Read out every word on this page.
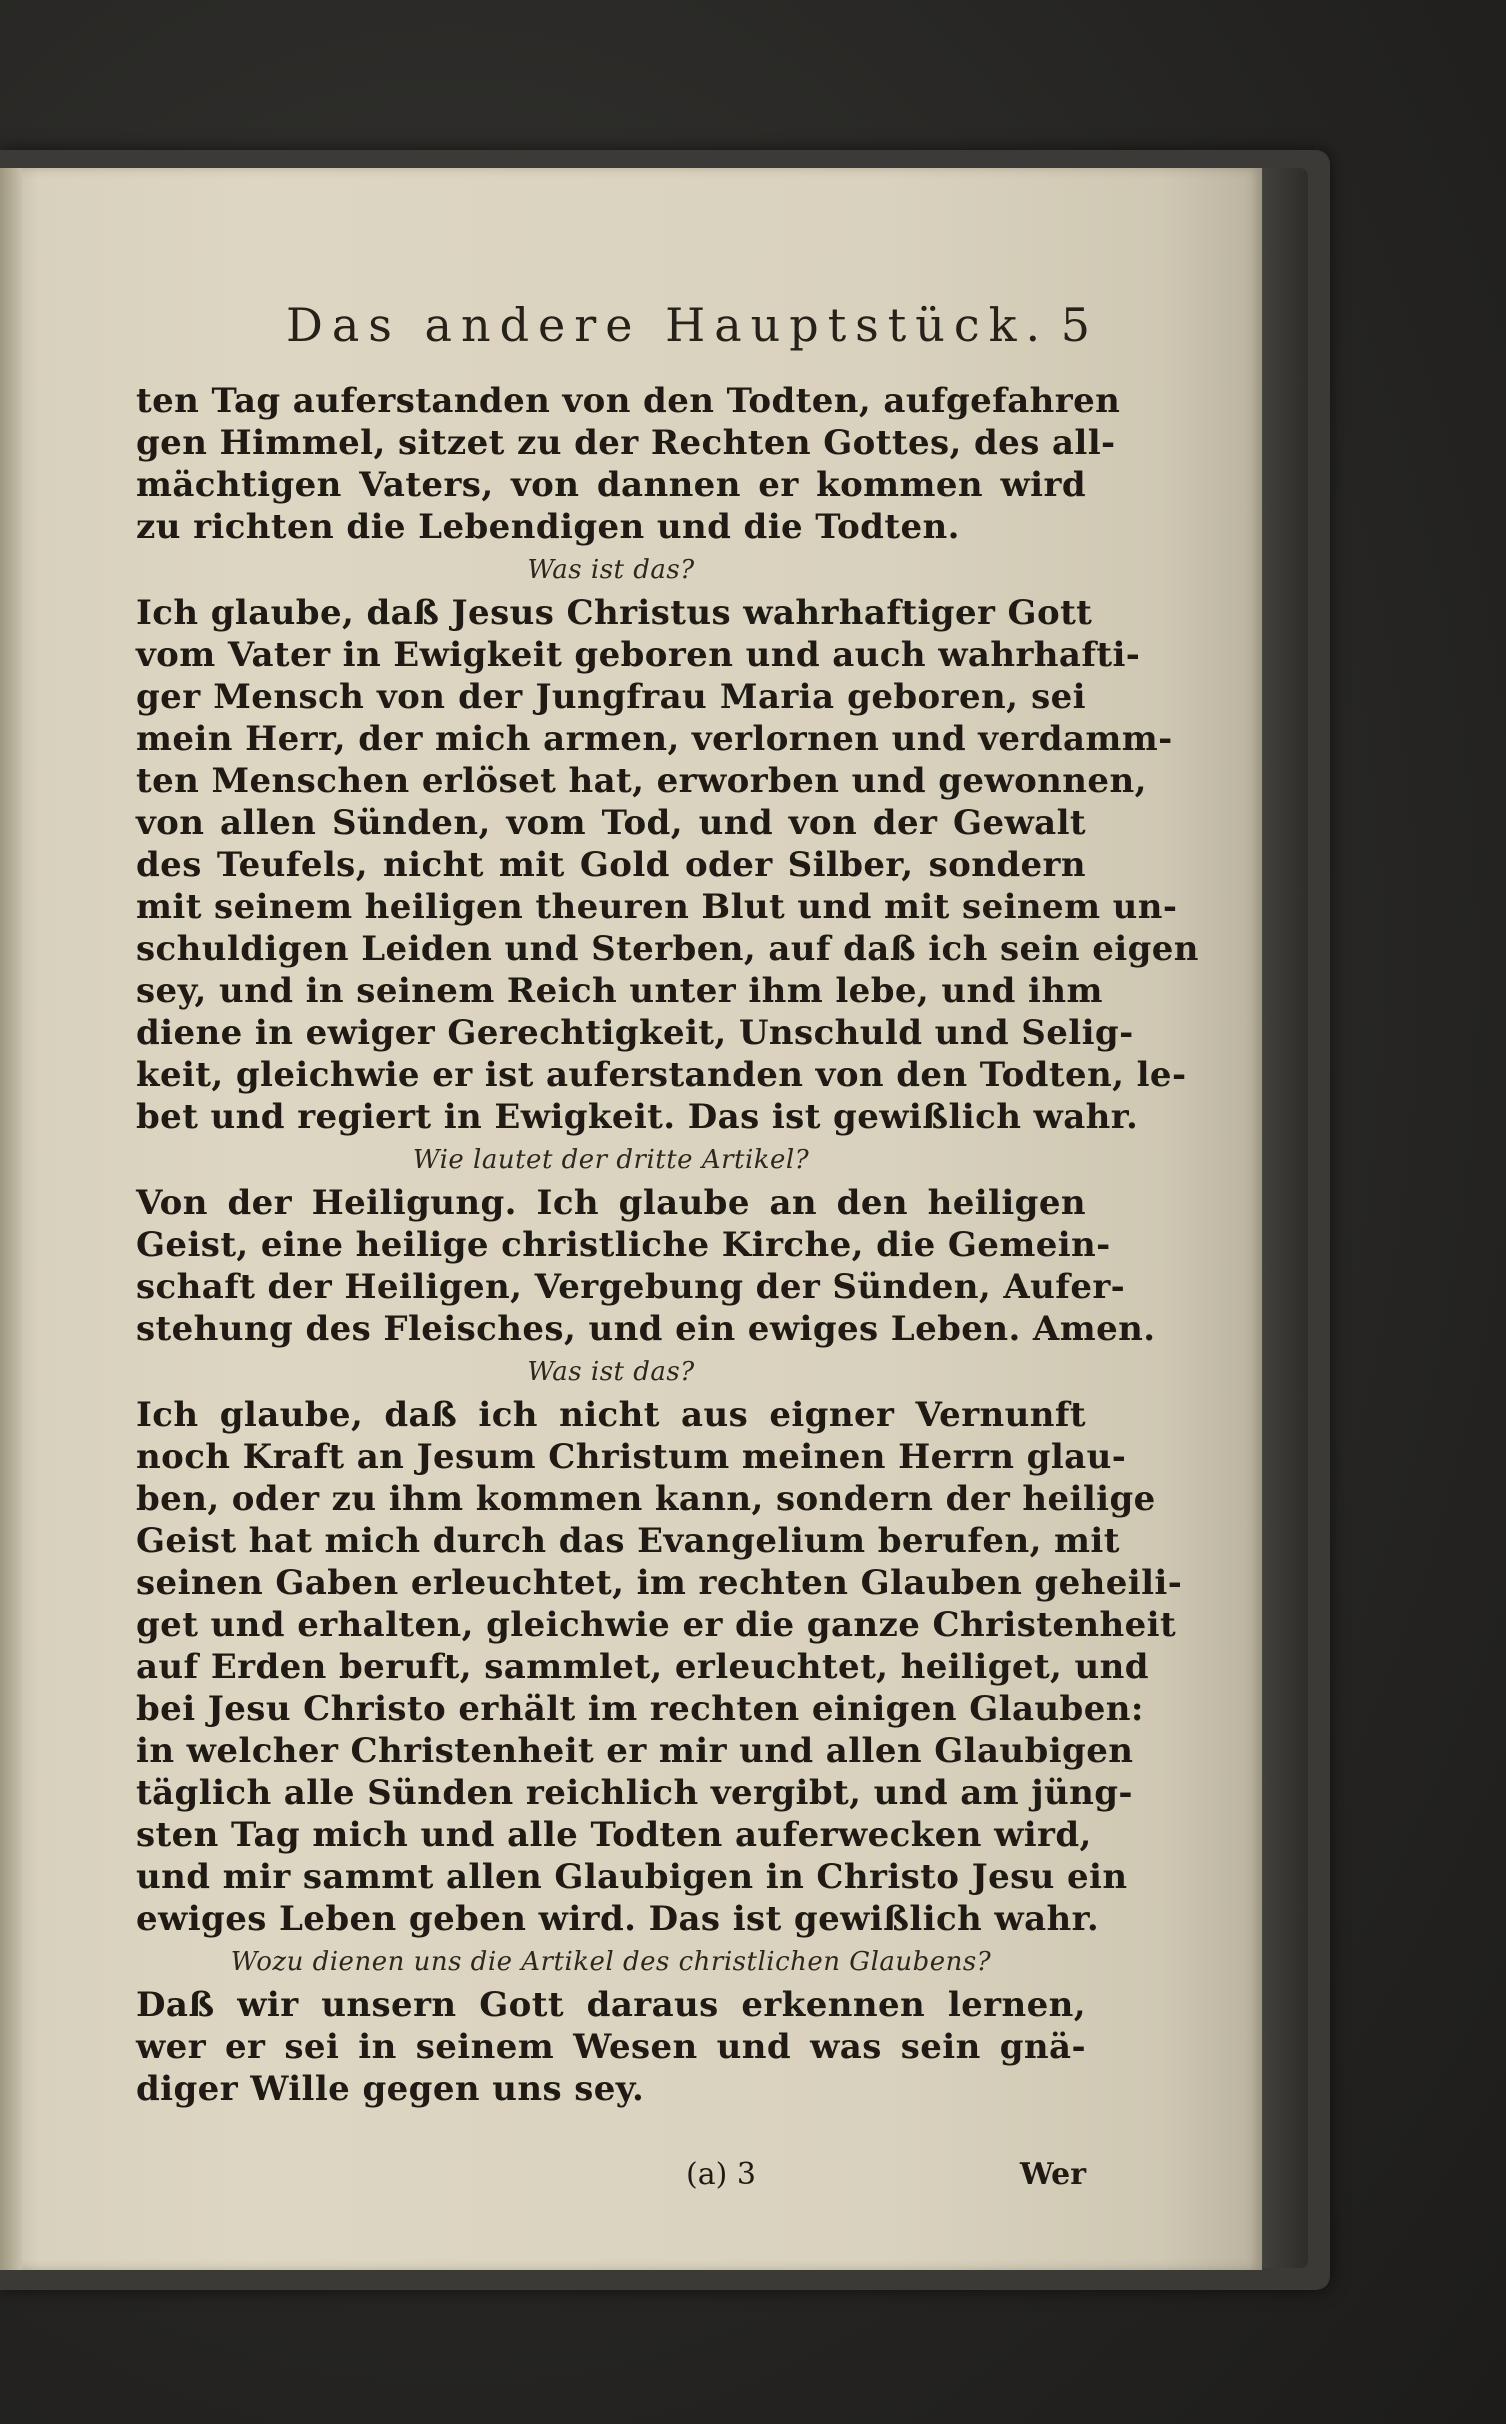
Das andere Hauptstück. 5
ten Tag auferstanden von den Todten, aufgefahren
gen Himmel, sitzet zu der Rechten Gottes, des all-
mächtigen Vaters, von dannen er kommen wird
zu richten die Lebendigen und die Todten.
Was ist das?
Ich glaube, daß Jesus Christus wahrhaftiger Gott
vom Vater in Ewigkeit geboren und auch wahrhafti-
ger Mensch von der Jungfrau Maria geboren, sei
mein Herr, der mich armen, verlornen und verdamm-
ten Menschen erlöset hat, erworben und gewonnen,
von allen Sünden, vom Tod, und von der Gewalt
des Teufels, nicht mit Gold oder Silber, sondern
mit seinem heiligen theuren Blut und mit seinem un-
schuldigen Leiden und Sterben, auf daß ich sein eigen
sey, und in seinem Reich unter ihm lebe, und ihm
diene in ewiger Gerechtigkeit, Unschuld und Selig-
keit, gleichwie er ist auferstanden von den Todten, le-
bet und regiert in Ewigkeit. Das ist gewißlich wahr.
Wie lautet der dritte Artikel?
Von der Heiligung. Ich glaube an den heiligen
Geist, eine heilige christliche Kirche, die Gemein-
schaft der Heiligen, Vergebung der Sünden, Aufer-
stehung des Fleisches, und ein ewiges Leben. Amen.
Was ist das?
Ich glaube, daß ich nicht aus eigner Vernunft
noch Kraft an Jesum Christum meinen Herrn glau-
ben, oder zu ihm kommen kann, sondern der heilige
Geist hat mich durch das Evangelium berufen, mit
seinen Gaben erleuchtet, im rechten Glauben geheili-
get und erhalten, gleichwie er die ganze Christenheit
auf Erden beruft, sammlet, erleuchtet, heiliget, und
bei Jesu Christo erhält im rechten einigen Glauben:
in welcher Christenheit er mir und allen Glaubigen
täglich alle Sünden reichlich vergibt, und am jüng-
sten Tag mich und alle Todten auferwecken wird,
und mir sammt allen Glaubigen in Christo Jesu ein
ewiges Leben geben wird. Das ist gewißlich wahr.
Wozu dienen uns die Artikel des christlichen Glaubens?
Daß wir unsern Gott daraus erkennen lernen,
wer er sei in seinem Wesen und was sein gnä-
diger Wille gegen uns sey.
(a) 3	Wer
